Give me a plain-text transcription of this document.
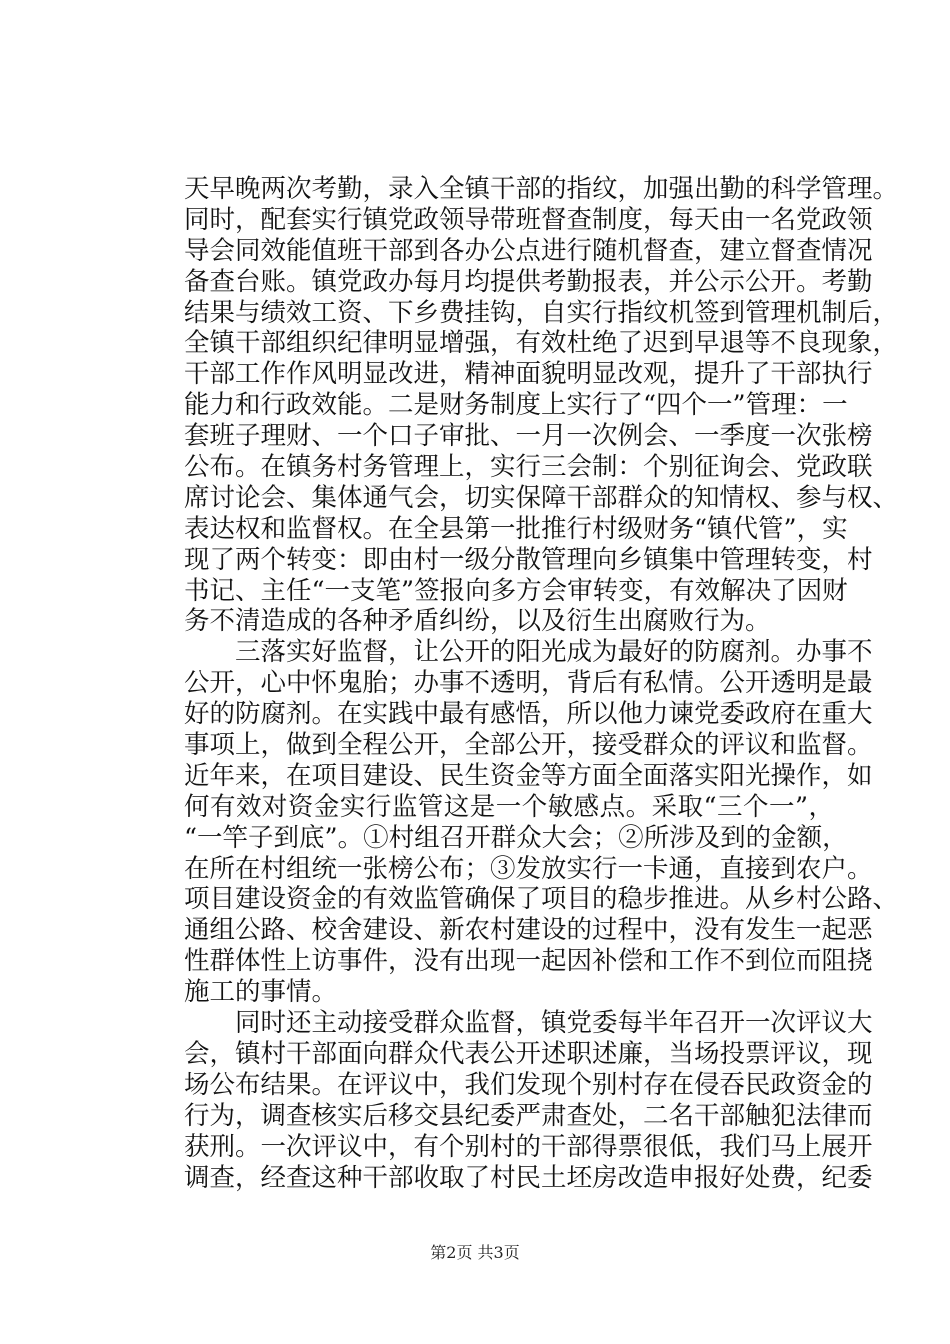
天早晚两次考勤，录入全镇干部的指纹，加强出勤的科学管理。
同时，配套实行镇党政领导带班督查制度，每天由一名党政领
导会同效能值班干部到各办公点进行随机督查，建立督查情况
备查台账。镇党政办每月均提供考勤报表，并公示公开。考勤
结果与绩效工资、下乡费挂钩，自实行指纹机签到管理机制后，
全镇干部组织纪律明显增强，有效杜绝了迟到早退等不良现象，
干部工作作风明显改进，精神面貌明显改观，提升了干部执行
能力和行政效能。二是财务制度上实行了“四个一”管理：一
套班子理财、一个口子审批、一月一次例会、一季度一次张榜
公布。在镇务村务管理上，实行三会制：个别征询会、党政联
席讨论会、集体通气会，切实保障干部群众的知情权、参与权、
表达权和监督权。在全县第一批推行村级财务“镇代管”，实
现了两个转变：即由村一级分散管理向乡镇集中管理转变，村
书记、主任“一支笔”签报向多方会审转变，有效解决了因财
务不清造成的各种矛盾纠纷，以及衍生出腐败行为。
　　三落实好监督，让公开的阳光成为最好的防腐剂。办事不
公开，心中怀鬼胎；办事不透明，背后有私情。公开透明是最
好的防腐剂。在实践中最有感悟，所以他力谏党委政府在重大
事项上，做到全程公开，全部公开，接受群众的评议和监督。
近年来，在项目建设、民生资金等方面全面落实阳光操作，如
何有效对资金实行监管这是一个敏感点。采取“三个一”，
“一竿子到底”。①村组召开群众大会；②所涉及到的金额，
在所在村组统一张榜公布；③发放实行一卡通，直接到农户。
项目建设资金的有效监管确保了项目的稳步推进。从乡村公路、
通组公路、校舍建设、新农村建设的过程中，没有发生一起恶
性群体性上访事件，没有出现一起因补偿和工作不到位而阻挠
施工的事情。
　　同时还主动接受群众监督，镇党委每半年召开一次评议大
会，镇村干部面向群众代表公开述职述廉，当场投票评议，现
场公布结果。在评议中，我们发现个别村存在侵吞民政资金的
行为，调查核实后移交县纪委严肃查处，二名干部触犯法律而
获刑。一次评议中，有个别村的干部得票很低，我们马上展开
调查，经查这种干部收取了村民土坯房改造申报好处费，纪委
第2页 共3页
